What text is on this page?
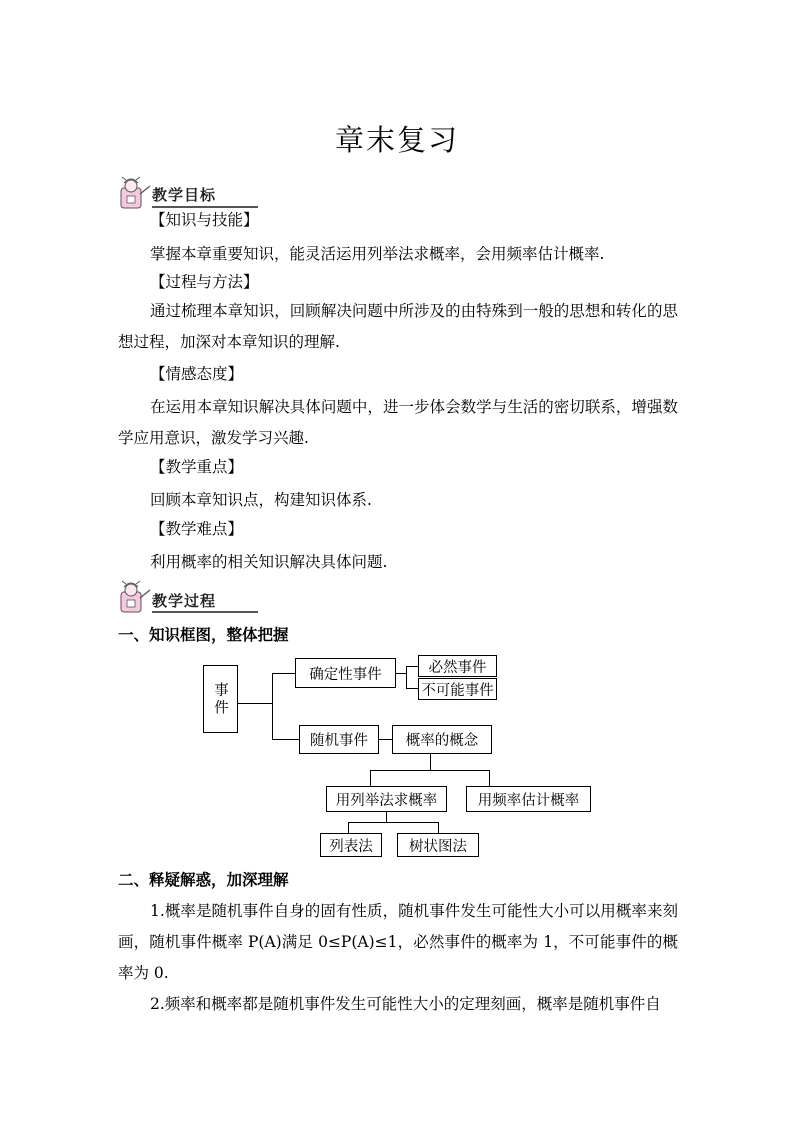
章末复习
教学目标
【知识与技能】
掌握本章重要知识，能灵活运用列举法求概率，会用频率估计概率.
【过程与方法】
通过梳理本章知识，回顾解决问题中所涉及的由特殊到一般的思想和转化的思想过程，加深对本章知识的理解.
【情感态度】
在运用本章知识解决具体问题中，进一步体会数学与生活的密切联系，增强数学应用意识，激发学习兴趣.
【教学重点】
回顾本章知识点，构建知识体系.
【教学难点】
利用概率的相关知识解决具体问题.
教学过程
一、知识框图，整体把握
事件
确定性事件	必然事件
不可能事件
随机事件	概率的概念
用列举法求概率	用频率估计概率
列表法	树状图法
二、释疑解惑，加深理解
1.概率是随机事件自身的固有性质，随机事件发生可能性大小可以用概率来刻画，随机事件概率 P(A)满足 0≤P(A)≤1，必然事件的概率为 1，不可能事件的概率为 0.
2.频率和概率都是随机事件发生可能性大小的定理刻画，概率是随机事件自
